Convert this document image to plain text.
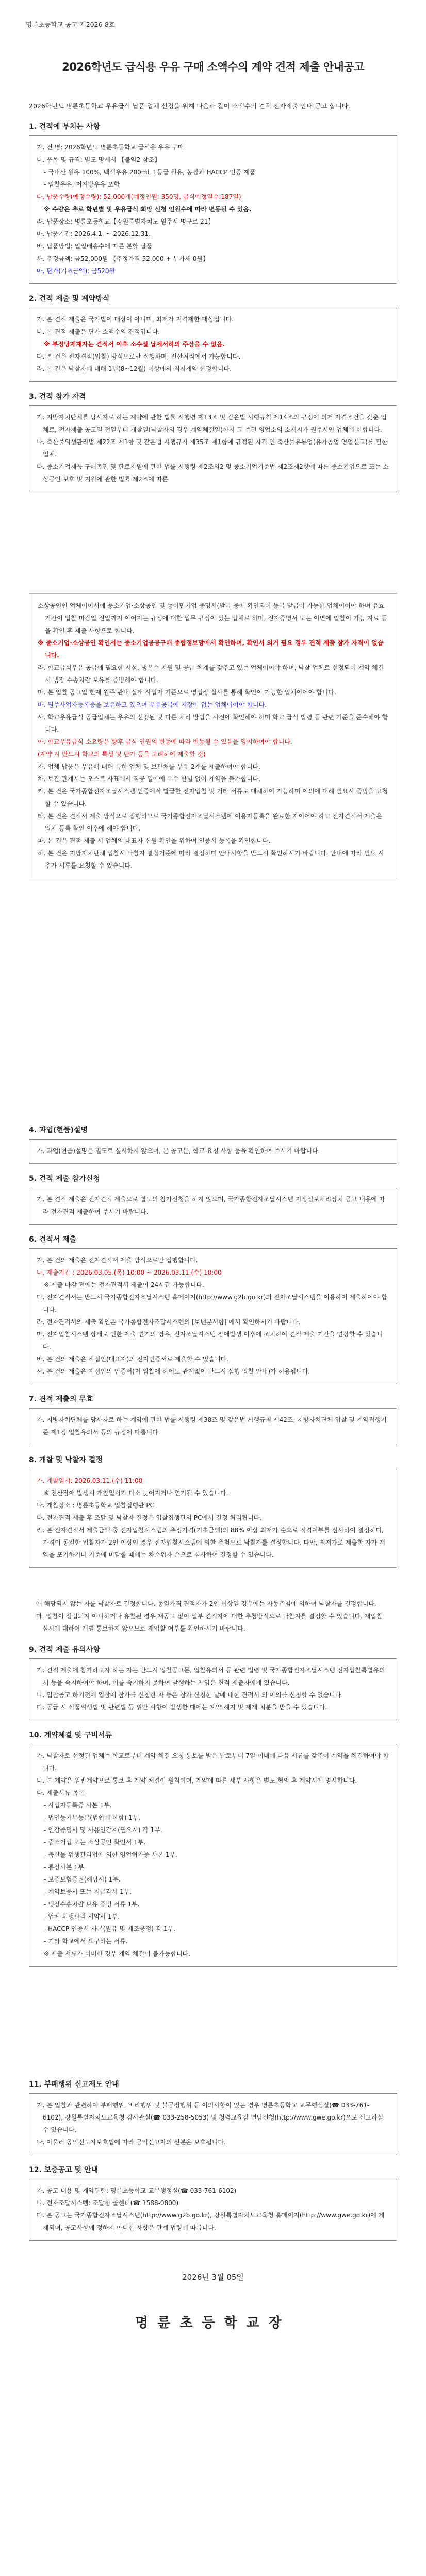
명륜초등학교 공고 제2026-8호
2026학년도 급식용 우유 구매 소액수의 계약 견적 제출 안내공고
2026학년도 명륜초등학교 우유급식 납품 업체 선정을 위해 다음과 같이 소액수의 견적 전자제출 안내 공고 합니다.
1. 견적에 부치는 사항

가. 건 명: 2026학년도 명륜초등학교 급식용 우유 구매

나. 품목 및 규격: 별도 명세서 【붙임2 참조】

- 국내산 원유 100%, 백색우유 200ml, 1등급 원유, 농장과 HACCP 인증 제품

- 입찰우유, 저지방우유 포함

다. 납품수량(예정수량): 52,000개(예정인원: 350명, 급식예정일수:187일)

※ 수량은 추로 학년별 및 우유급식 희망 신청 인원수에 따라 변동될 수 있음.

라. 납품장소: 명륜초등학교【강원특별자치도 원주시 명구로 21】

마. 납품기간: 2026.4.1. ~ 2026.12.31.

바. 납품방법: 일일배송수에 따른 분할 납품

사. 추정금액: 금52,000원 【추정가격 52,000 + 부가세 0원】

아. 단가(기초금액): 금520원

2. 견적 제출 및 계약방식

가. 본 견적 제출은 국가법이 대상이 아니며, 최저가 지격제한 대상입니다.

나. 본 견적 제출은 단가 소액수의 견적입니다.

※ 부정당제재자는 견적서 이후 소수설 납세서하의 주장을 수 없음.

다. 본 건은 전자견적(입찰) 방식으로만 집행하며, 전산처리에서 가능합니다.

라. 본 건은 낙찰자에 대해 1년(8~12월) 이상에서 최저계약 한정합니다.

3. 견적 참가 자격

가. 지방자치단체를 당사자로 하는 계약에 관한 법률 시행령 제13조 및 같은법 시행규칙 제14조의 규정에 의거 자격조건을 갖춘 업체로, 전자제출 공고일 전일부터 개찰일(낙찰자의 경우 계약체결일)까지 그 주된 영업소의 소재지가 원주시인 업체에 한합니다.

나. 축산물위생관리법 제22조 제1항 및 같은법 시행규칙 제35조 제1항에 규정된 자격 인 축산물유통업(유가공업 영업신고)를 필한 업체.

다. 중소기업제품 구매촉진 및 판로지원에 관한 법률 시행령 제2조의2 및 중소기업기준법 제2조제2항에 따른 중소기업으로 또는 소상공인 보호 및 지원에 관한 법률 제2조에 따른

소상공인인 업체이어서에 중소기업·소상공인 및 농어민기업 증명서(발급 중에 확인되어 등급 발급이 가능한 업체이어야 하며 유효기간이 입찰 마감일 전일까지 이어지는 규정에 대한 업무 규정이 있는 업체로 하며, 전자증명서 또는 이면에 입찰이 가능 자료 등을 확인 후 제출 사항으로 합니다.

※ 중소기업·소상공인 확인서는 중소기업공공구매 종합정보망에서 확인하며, 확인서 의거 필요 경우 견적 제출 참가 자격이 없습니다.

라. 학교급식우유 공급에 필요한 시설, 냉온수 지원 및 공급 체계를 갖추고 있는 업체이어야 하며, 낙찰 업체로 선정되어 계약 체결 시 냉장 수송차량 보유를 증빙해야 합니다.

마. 본 입찰 공고일 현재 원주 관내 실태 사업자 기준으로 영업장 실사를 통해 확인이 가능한 업체이어야 합니다.

바. 원주사업자등록증을 보유하고 있으며 우유공급에 지장이 없는 업체이어야 합니다.

사. 학교우유급식 공급업체는 우유의 선정된 및 다른 처리 방법을 사전에 확인해야 하며 학교 급식 법령 등 관련 기준을 준수해야 합니다.

아. 학교우유급식 소요량은 향후 급식 인원의 변동에 따라 변동될 수 있음을 양지하여야 합니다.

(계약 시 반드시 학교의 특성 및 단가 등을 고려하여 제출할 것)

자. 업체 납품은 우유배 대해 특히 업체 및 보관처를 우유 2개를 제출하여야 합니다.

차. 보관 관계시는 오스트 사표에서 직공 일에에 우수 반별 없어 계약을 불가합니다.

카. 본 건은 국가종합전자조달시스템 인증에서 발급한 전자입찰 및 기타 서류로 대체하여 가능하며 이의에 대해 필요시 증빙을 요청할 수 있습니다.

타. 본 건은 견적서 제출 방식으로 집행하므로 국가종합전자조달시스템에 이용자등록을 완료한 자이어야 하고 전자견적서 제출은 업체 등록 확인 이후에 해야 합니다.

파. 본 건은 견적 제출 시 업체의 대표자 신원 확인을 위하여 인증서 등록을 확인합니다.

하. 본 건은 지방자치단체 입찰시 낙찰자 결정기준에 따라 결정하며 안내사항을 반드시 확인하시기 바랍니다. 안내에 따라 필요 시 추가 서류를 요청할 수 있습니다.

4. 과업(현품)설명

가. 과업(현품)설명은 별도로 실시하지 않으며, 본 공고문, 학교 요청 사항 등을 확인하여 주시기 바랍니다.

5. 견적 제출 참가신청

가. 본 견적 제출은 전자견적 제출으로 별도의 참가신청을 하지 않으며, 국가종합전자조달시스템 지정정보처리장치 공고 내용에 따라 전자견적 제출하여 주시기 바랍니다.

6. 견적서 제출

가. 본 건의 제출은 전자견적서 제출 방식으로만 집행합니다.

나. 제출기간 : 2026.03.05.(목) 10:00 ~ 2026.03.11.(수) 10:00

※ 제출 마감 전에는 전자견적서 제출이 24시간 가능합니다.

다. 전자견적서는 반드시 국가종합전자조달시스템 홈페이지(http://www.g2b.go.kr)의 전자조달시스템을 이용하여 제출하여야 합니다.

라. 전자견적서의 제출 확인은 국가종합전자조달시스템의 [보낸문서함] 에서 확인하시기 바랍니다.

마. 전자입찰시스템 상태로 인한 제출 연기의 경우, 전자조달시스템 장애발생 이후에 조치하여 견적 제출 기간을 연장할 수 있습니다.

바. 본 건의 제출은 직접인(대표자)의 전자인증서로 제출할 수 있습니다.

사. 본 건의 제출은 지정인의 인증서(지 입찰에 하여도 관계없이 반드시 실행 입찰 안내)가 허용됩니다.

7. 견적 제출의 무효

가. 지방자치단체를 당사자로 하는 계약에 관한 법률 시행령 제38조 및 같은법 시행규칙 제42조, 지방자치단체 입찰 및 계약집행기준 제1장 입찰유의서 등의 규정에 따릅니다.

8. 개찰 및 낙찰자 결정

가. 개찰일시: 2026.03.11.(수) 11:00

※ 전산장애 발생시 개찰일시가 다소 늦어지거나 연기될 수 있습니다.

나. 개찰장소 : 명륜초등학교 입찰집행관 PC

다. 전자견적 제출 후 조달 및 낙찰자 결정은 입찰집행관의 PC에서 결정 처리됩니다.

라. 본 전자견적서 제출금액 중 전자입찰시스템의 추정가격(기초금액)의 88% 이상 최저가 순으로 적격여부를 심사하여 결정하며, 가격이 동일한 입찰자가 2인 이상인 경우 전자입찰시스템에 의한 추첨으로 낙찰자를 결정합니다. 다만, 최저가로 제출한 자가 계약을 포기하거나 기준에 미달할 때에는 차순위자 순으로 심사하여 결정할 수 있습니다.

에 해당되지 않는 자를 낙찰자로 결정합니다. 동일가격 견적자가 2인 이상일 경우에는 자동추첨에 의하여 낙찰자를 결정합니다.

마. 입찰이 성립되지 아니하거나 유찰된 경우 재공고 없이 일부 견적자에 대한 추첨방식으로 낙찰자를 결정할 수 있습니다. 재입찰 실시에 대하여 개별 통보하지 않으므로 재입찰 여부를 확인하시기 바랍니다.

9. 견적 제출 유의사항

가. 견적 제출에 참가하고자 하는 자는 반드시 입찰공고문, 입찰유의서 등 관련 법령 및 국가종합전자조달시스템 전자입찰특별유의서 등을 숙지하여야 하며, 이를 숙지하지 못하여 발생하는 책임은 견적 제출자에게 있습니다.

나. 입찰공고 하기전에 입찰에 참가를 신청한 자 등은 참가 신청한 날에 대한 견적서 의 이의를 신청할 수 없습니다.

다. 공급 시 식품위생법 및 관련법 등 위반 사항이 발생한 때에는 계약 해지 및 제재 처분을 받을 수 있습니다.

10. 계약체결 및 구비서류

가. 낙찰자로 선정된 업체는 학교로부터 계약 체결 요청 통보를 받은 날로부터 7일 이내에 다음 서류를 갖추어 계약을 체결하여야 합니다.

나. 본 계약은 일반계약으로 통보 후 계약 체결이 원칙이며, 계약에 따른 세부 사항은 별도 협의 후 계약서에 명시합니다.

다. 제출서류 목록

- 사업자등록증 사본 1부.

- 법인등기부등본(법인에 한함) 1부.

- 인감증명서 및 사용인감계(필요시) 각 1부.

- 중소기업 또는 소상공인 확인서 1부.

- 축산물 위생관리법에 의한 영업허가증 사본 1부.

- 통장사본 1부.

- 보증보험증권(해당시) 1부.

- 계약보증서 또는 지급각서 1부.

- 냉장수송차량 보유 증빙 서류 1부.

- 업체 위생관리 서약서 1부.

- HACCP 인증서 사본(원유 및 제조공정) 각 1부.

- 기타 학교에서 요구하는 서류.

※ 제출 서류가 미비한 경우 계약 체결이 불가능합니다.

11. 부패행위 신고제도 안내

가. 본 입찰과 관련하여 부패행위, 비리행위 및 불공정행위 등 이의사항이 있는 경우 명륜초등학교 교무행정실(☎ 033-761-6102), 강원특별자치도교육청 감사관실(☎ 033-258-5053) 및 청렴교육감 면담신청(http://www.gwe.go.kr)으로 신고하실 수 있습니다.

나. 아울러 공익신고자보호법에 따라 공익신고자의 신분은 보호됩니다.

12. 보충공고 및 안내

가. 공고 내용 및 계약관련: 명륜초등학교 교무행정실(☎ 033-761-6102)

나. 전자조달시스템: 조달청 콜센터(☎ 1588-0800)

다. 본 공고는 국가종합전자조달시스템(http://www.g2b.go.kr), 강원특별자치도교육청 홈페이지(http://www.gwe.go.kr)에 게재되며, 공고사항에 정하지 아니한 사항은 관계 법령에 따릅니다.

2026년 3월 05일
명륜초등학교장
